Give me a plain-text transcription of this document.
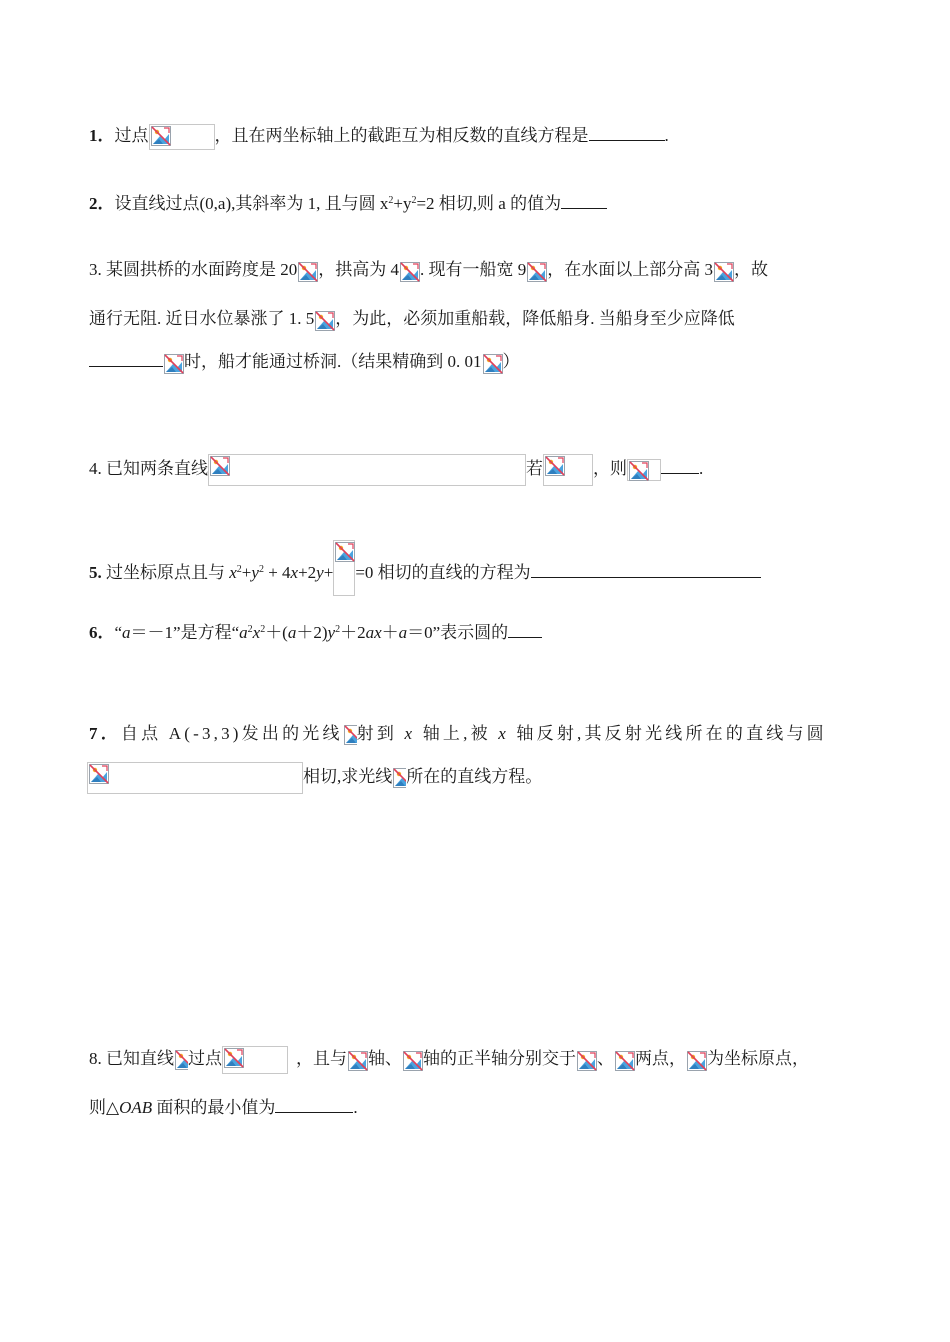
1．过点	，且在两坐标轴上的截距互为相反数的直线方程是	.
2．设直线过点(0,a),其斜率为 1, 且与圆 $x^2+y^2=2$ 相切,则 a 的值为
3. 某圆拱桥的水面跨度是 20 ，拱高为 4 . 现有一船宽 9 ，在水面以上部分高 3 ，故
通行无阻. 近日水位暴涨了 1. 5 ，为此，必须加重船载，降低船身. 当船身至少应降低
时，船才能通过桥洞.（结果精确到 0. 01 ）
4. 已知两条直线	若	，则	.
5. 过坐标原点且与 $x^2+y^2 + 4x+2y+ =0$ 相切的直线的方程为
6．“a＝－1”是方程“$a^2x^2+(a+2)y^2+2ax+a=0$”表示圆的
7．自点 A(-3,3)发出的光线 射到 x 轴上,被 x 轴反射,其反射光线所在的直线与圆
相切,求光线 所在的直线方程。
8. 已知直线 过点	，且与 轴、 轴的正半轴分别交于 、 两点， 为坐标原点，
则△OAB 面积的最小值为	.
